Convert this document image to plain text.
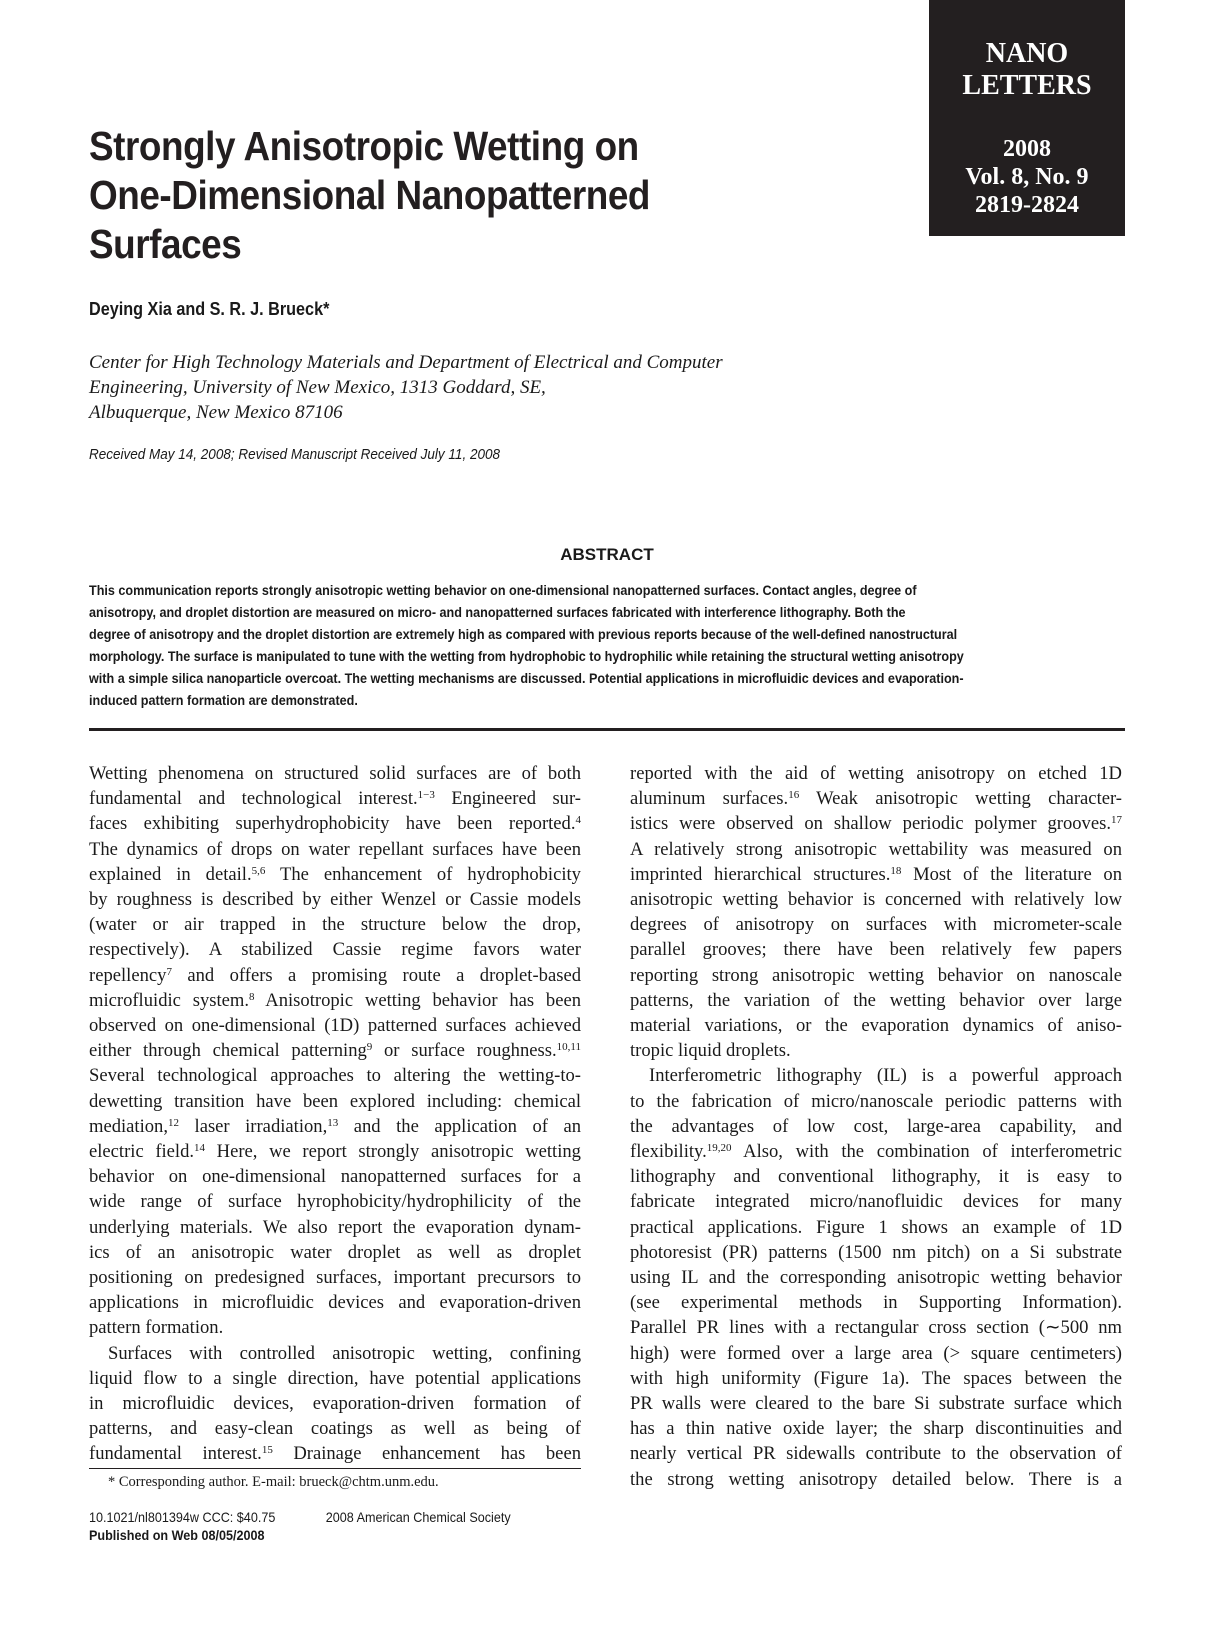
NANO
LETTERS
2008
Vol. 8, No. 9
2819-2824
Strongly Anisotropic Wetting on
One-Dimensional Nanopatterned
Surfaces
Deying Xia and S. R. J. Brueck*
Center for High Technology Materials and Department of Electrical and Computer
Engineering, University of New Mexico, 1313 Goddard, SE,
Albuquerque, New Mexico 87106
Received May 14, 2008; Revised Manuscript Received July 11, 2008
ABSTRACT
This communication reports strongly anisotropic wetting behavior on one-dimensional nanopatterned surfaces. Contact angles, degree of
anisotropy, and droplet distortion are measured on micro- and nanopatterned surfaces fabricated with interference lithography. Both the
degree of anisotropy and the droplet distortion are extremely high as compared with previous reports because of the well-defined nanostructural
morphology. The surface is manipulated to tune with the wetting from hydrophobic to hydrophilic while retaining the structural wetting anisotropy
with a simple silica nanoparticle overcoat. The wetting mechanisms are discussed. Potential applications in microfluidic devices and evaporation-
induced pattern formation are demonstrated.
Wetting phenomena on structured solid surfaces are of both
fundamental and technological interest.$^{1-3}$ Engineered sur-
faces exhibiting superhydrophobicity have been reported.$^4$
The dynamics of drops on water repellant surfaces have been
explained in detail.$^{5,6}$ The enhancement of hydrophobicity
by roughness is described by either Wenzel or Cassie models
(water or air trapped in the structure below the drop,
respectively). A stabilized Cassie regime favors water
repellency$^7$ and offers a promising route a droplet-based
microfluidic system.$^8$ Anisotropic wetting behavior has been
observed on one-dimensional (1D) patterned surfaces achieved
either through chemical patterning$^9$ or surface roughness.$^{10,11}$
Several technological approaches to altering the wetting-to-
dewetting transition have been explored including: chemical
mediation,$^{12}$ laser irradiation,$^{13}$ and the application of an
electric field.$^{14}$ Here, we report strongly anisotropic wetting
behavior on one-dimensional nanopatterned surfaces for a
wide range of surface hyrophobicity/hydrophilicity of the
underlying materials. We also report the evaporation dynam-
ics of an anisotropic water droplet as well as droplet
positioning on predesigned surfaces, important precursors to
applications in microfluidic devices and evaporation-driven
pattern formation.
Surfaces with controlled anisotropic wetting, confining
liquid flow to a single direction, have potential applications
in microfluidic devices, evaporation-driven formation of
patterns, and easy-clean coatings as well as being of
fundamental interest.$^{15}$ Drainage enhancement has been
reported with the aid of wetting anisotropy on etched 1D
aluminum surfaces.$^{16}$ Weak anisotropic wetting character-
istics were observed on shallow periodic polymer grooves.$^{17}$
A relatively strong anisotropic wettability was measured on
imprinted hierarchical structures.$^{18}$ Most of the literature on
anisotropic wetting behavior is concerned with relatively low
degrees of anisotropy on surfaces with micrometer-scale
parallel grooves; there have been relatively few papers
reporting strong anisotropic wetting behavior on nanoscale
patterns, the variation of the wetting behavior over large
material variations, or the evaporation dynamics of aniso-
tropic liquid droplets.
Interferometric lithography (IL) is a powerful approach
to the fabrication of micro/nanoscale periodic patterns with
the advantages of low cost, large-area capability, and
flexibility.$^{19,20}$ Also, with the combination of interferometric
lithography and conventional lithography, it is easy to
fabricate integrated micro/nanofluidic devices for many
practical applications. Figure 1 shows an example of 1D
photoresist (PR) patterns (1500 nm pitch) on a Si substrate
using IL and the corresponding anisotropic wetting behavior
(see experimental methods in Supporting Information).
Parallel PR lines with a rectangular cross section (∼500 nm
high) were formed over a large area (> square centimeters)
with high uniformity (Figure 1a). The spaces between the
PR walls were cleared to the bare Si substrate surface which
has a thin native oxide layer; the sharp discontinuities and
nearly vertical PR sidewalls contribute to the observation of
the strong wetting anisotropy detailed below. There is a
* Corresponding author. E-mail: brueck@chtm.unm.edu.
10.1021/nl801394w CCC: $40.75	2008 American Chemical Society
Published on Web 08/05/2008
